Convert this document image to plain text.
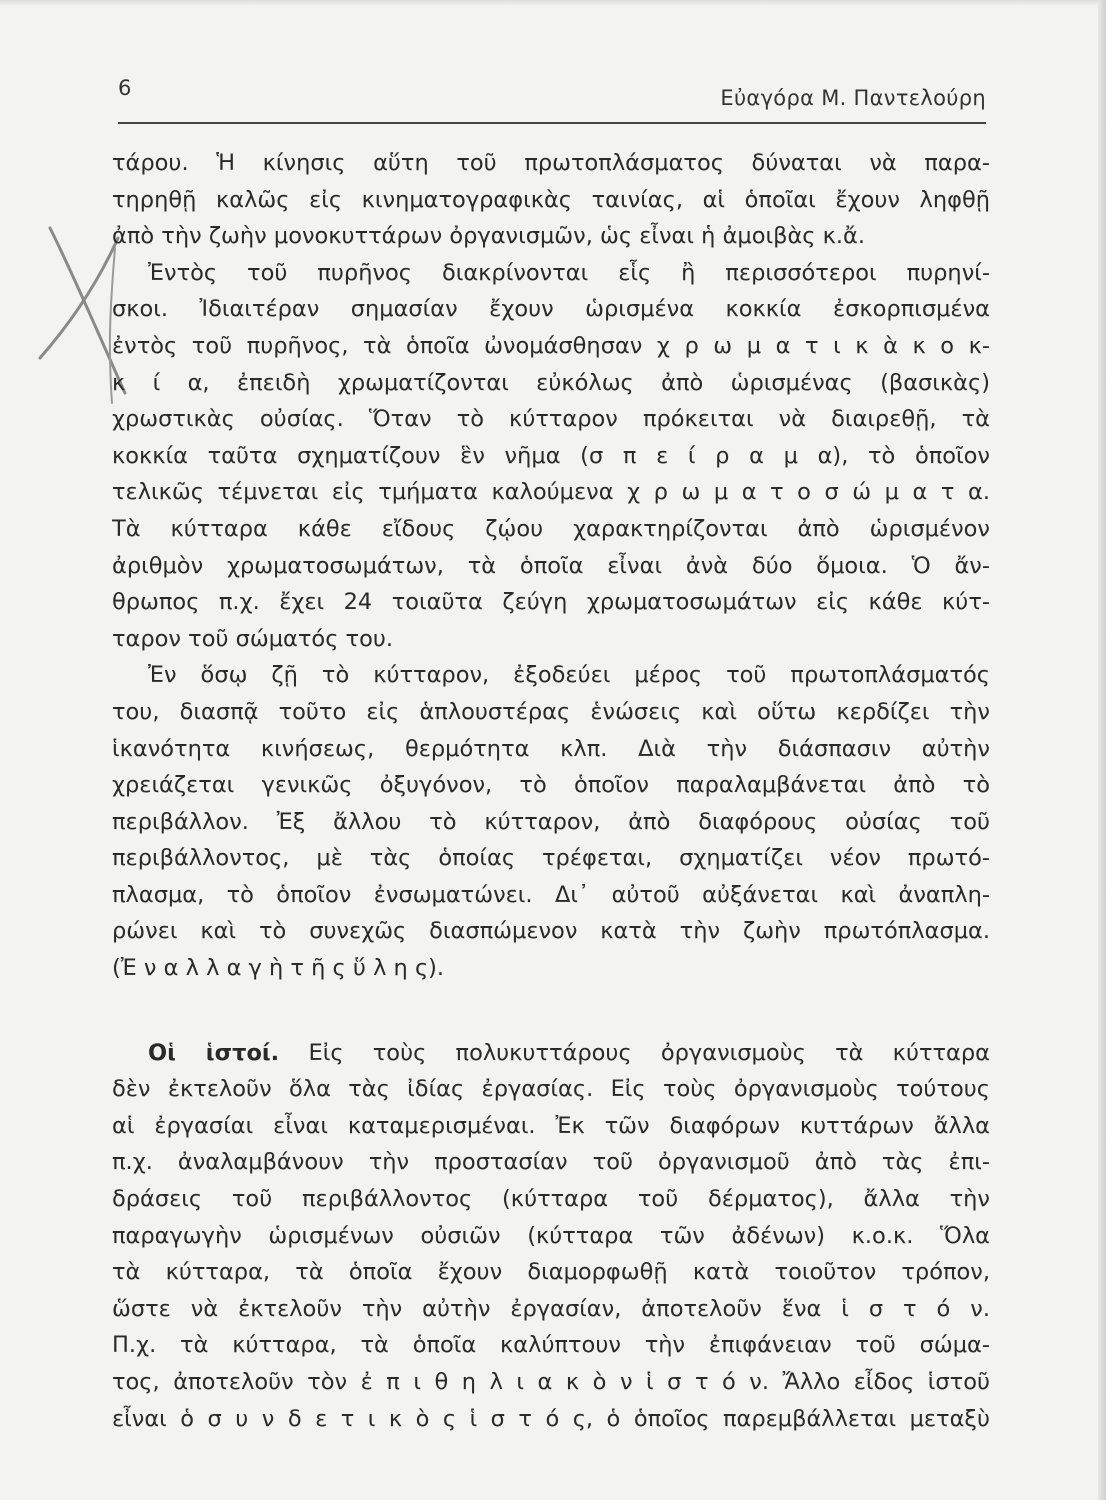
6	Εὐαγόρα Μ. Παντελούρη
τάρου. Ἡ κίνησις αὕτη τοῦ πρωτοπλάσματος δύναται νὰ παρα-
τηρηθῇ καλῶς εἰς κινηματογραφικὰς ταινίας, αἱ ὁποῖαι ἔχουν ληφθῇ
ἀπὸ τὴν ζωὴν μονοκυττάρων ὀργανισμῶν, ὡς εἶναι ἡ ἀμοιβὰς κ.ἄ.
Ἐντὸς τοῦ πυρῆνος διακρίνονται εἷς ἢ περισσότεροι πυρηνί-
σκοι. Ἰδιαιτέραν σημασίαν ἔχουν ὡρισμένα κοκκία ἐσκορπισμένα
ἐντὸς τοῦ πυρῆνος, τὰ ὁποῖα ὠνομάσθησαν χ ρ ω μ α τ ι κ ὰ κ ο κ-
κ ί α, ἐπειδὴ χρωματίζονται εὐκόλως ἀπὸ ὡρισμένας (βασικὰς)
χρωστικὰς οὐσίας. Ὅταν τὸ κύτταρον πρόκειται νὰ διαιρεθῇ, τὰ
κοκκία ταῦτα σχηματίζουν ἓν νῆμα (σ π ε ί ρ α μ α), τὸ ὁποῖον
τελικῶς τέμνεται εἰς τμήματα καλούμενα χ ρ ω μ α τ ο σ ώ μ α τ α.
Τὰ κύτταρα κάθε εἴδους ζῴου χαρακτηρίζονται ἀπὸ ὡρισμένον
ἀριθμὸν χρωματοσωμάτων, τὰ ὁποῖα εἶναι ἀνὰ δύο ὅμοια. Ὁ ἄν-
θρωπος π.χ. ἔχει 24 τοιαῦτα ζεύγη χρωματοσωμάτων εἰς κάθε κύτ-
ταρον τοῦ σώματός του.
Ἐν ὅσῳ ζῇ τὸ κύτταρον, ἐξοδεύει μέρος τοῦ πρωτοπλάσματός
του, διασπᾷ τοῦτο εἰς ἁπλουστέρας ἑνώσεις καὶ οὕτω κερδίζει τὴν
ἱκανότητα κινήσεως, θερμότητα κλπ. Διὰ τὴν διάσπασιν αὐτὴν
χρειάζεται γενικῶς ὀξυγόνον, τὸ ὁποῖον παραλαμβάνεται ἀπὸ τὸ
περιβάλλον. Ἐξ ἄλλου τὸ κύτταρον, ἀπὸ διαφόρους οὐσίας τοῦ
περιβάλλοντος, μὲ τὰς ὁποίας τρέφεται, σχηματίζει νέον πρωτό-
πλασμα, τὸ ὁποῖον ἐνσωματώνει. Δι᾽ αὐτοῦ αὐξάνεται καὶ ἀναπλη-
ρώνει καὶ τὸ συνεχῶς διασπώμενον κατὰ τὴν ζωὴν πρωτόπλασμα.
(Ἐ ν α λ λ α γ ὴ τ ῆ ς ὕ λ η ς).
Οἱ ἱστοί. Εἰς τοὺς πολυκυττάρους ὀργανισμοὺς τὰ κύτταρα
δὲν ἐκτελοῦν ὅλα τὰς ἰδίας ἐργασίας. Εἰς τοὺς ὀργανισμοὺς τούτους
αἱ ἐργασίαι εἶναι καταμερισμέναι. Ἐκ τῶν διαφόρων κυττάρων ἄλλα
π.χ. ἀναλαμβάνουν τὴν προστασίαν τοῦ ὀργανισμοῦ ἀπὸ τὰς ἐπι-
δράσεις τοῦ περιβάλλοντος (κύτταρα τοῦ δέρματος), ἄλλα τὴν
παραγωγὴν ὡρισμένων οὐσιῶν (κύτταρα τῶν ἀδένων) κ.ο.κ. Ὅλα
τὰ κύτταρα, τὰ ὁποῖα ἔχουν διαμορφωθῇ κατὰ τοιοῦτον τρόπον,
ὥστε νὰ ἐκτελοῦν τὴν αὐτὴν ἐργασίαν, ἀποτελοῦν ἕνα ἱ σ τ ό ν.
Π.χ. τὰ κύτταρα, τὰ ὁποῖα καλύπτουν τὴν ἐπιφάνειαν τοῦ σώμα-
τος, ἀποτελοῦν τὸν ἐ π ι θ η λ ι α κ ὸ ν ἱ σ τ ό ν. Ἄλλο εἶδος ἱστοῦ
εἶναι ὁ σ υ ν δ ε τ ι κ ὸ ς ἱ σ τ ό ς, ὁ ὁποῖος παρεμβάλλεται μεταξὺ
